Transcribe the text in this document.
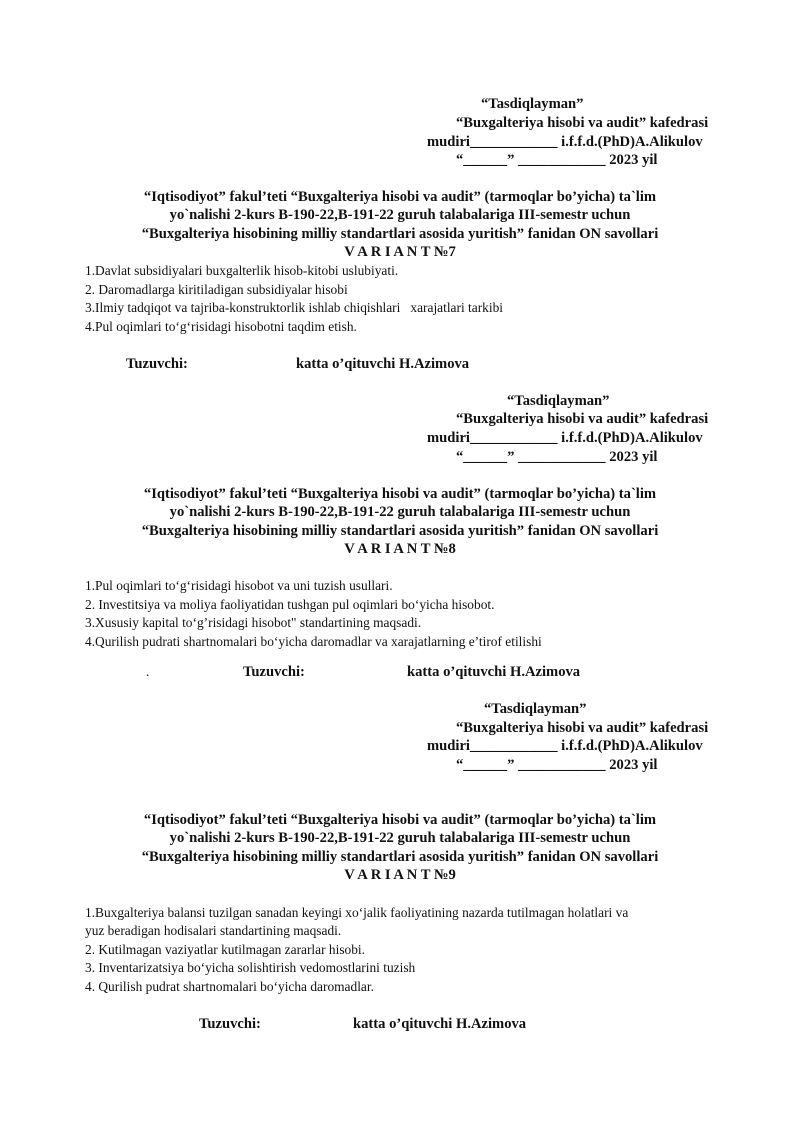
“Tasdiqlayman”
“Buxgalteriya hisobi va audit” kafedrasi
mudiri____________ i.f.f.d.(PhD)A.Alikulov
“______” ____________ 2023 yil
“Iqtisodiyot” fakul’teti “Buxgalteriya hisobi va audit” (tarmoqlar bo’yicha) ta`lim
yo`nalishi 2-kurs B-190-22,B-191-22 guruh talabalariga III-semestr uchun
“Buxgalteriya hisobining milliy standartlari asosida yuritish” fanidan ON savollari
V A R I A N T №7
1.Davlat subsidiyalari buxgalterlik hisob-kitobi uslubiyati.
2. Daromadlarga kiritiladigan subsidiyalar hisobi
3.Ilmiy tadqiqot va tajriba-konstruktorlik ishlab chiqishlari   xarajatlari tarkibi
4.Pul oqimlari to‘g‘risidagi hisobotni taqdim etish.
Tuzuvchi:	katta o’qituvchi H.Azimova
“Tasdiqlayman”
“Buxgalteriya hisobi va audit” kafedrasi
mudiri____________ i.f.f.d.(PhD)A.Alikulov
“______” ____________ 2023 yil
“Iqtisodiyot” fakul’teti “Buxgalteriya hisobi va audit” (tarmoqlar bo’yicha) ta`lim
yo`nalishi 2-kurs B-190-22,B-191-22 guruh talabalariga III-semestr uchun
“Buxgalteriya hisobining milliy standartlari asosida yuritish” fanidan ON savollari
V A R I A N T №8
1.Pul oqimlari to‘g‘risidagi hisobot va uni tuzish usullari.
2. Investitsiya va moliya faoliyatidan tushgan pul oqimlari bo‘yicha hisobot.
3.Xususiy kapital to‘g’risidagi hisobot" standartining maqsadi.
4.Qurilish pudrati shartnomalari bo‘yicha daromadlar va xarajatlarning e’tirof etilishi
.	Tuzuvchi:	katta o’qituvchi H.Azimova
“Tasdiqlayman”
“Buxgalteriya hisobi va audit” kafedrasi
mudiri____________ i.f.f.d.(PhD)A.Alikulov
“______” ____________ 2023 yil
“Iqtisodiyot” fakul’teti “Buxgalteriya hisobi va audit” (tarmoqlar bo’yicha) ta`lim
yo`nalishi 2-kurs B-190-22,B-191-22 guruh talabalariga III-semestr uchun
“Buxgalteriya hisobining milliy standartlari asosida yuritish” fanidan ON savollari
V A R I A N T №9
1.Buxgalteriya balansi tuzilgan sanadan keyingi xo‘jalik faoliyatining nazarda tutilmagan holatlari va
yuz beradigan hodisalari standartining maqsadi.
2. Kutilmagan vaziyatlar kutilmagan zararlar hisobi.
3. Inventarizatsiya bo‘yicha solishtirish vedomostlarini tuzish
4. Qurilish pudrat shartnomalari bo‘yicha daromadlar.
Tuzuvchi:	katta o’qituvchi H.Azimova
